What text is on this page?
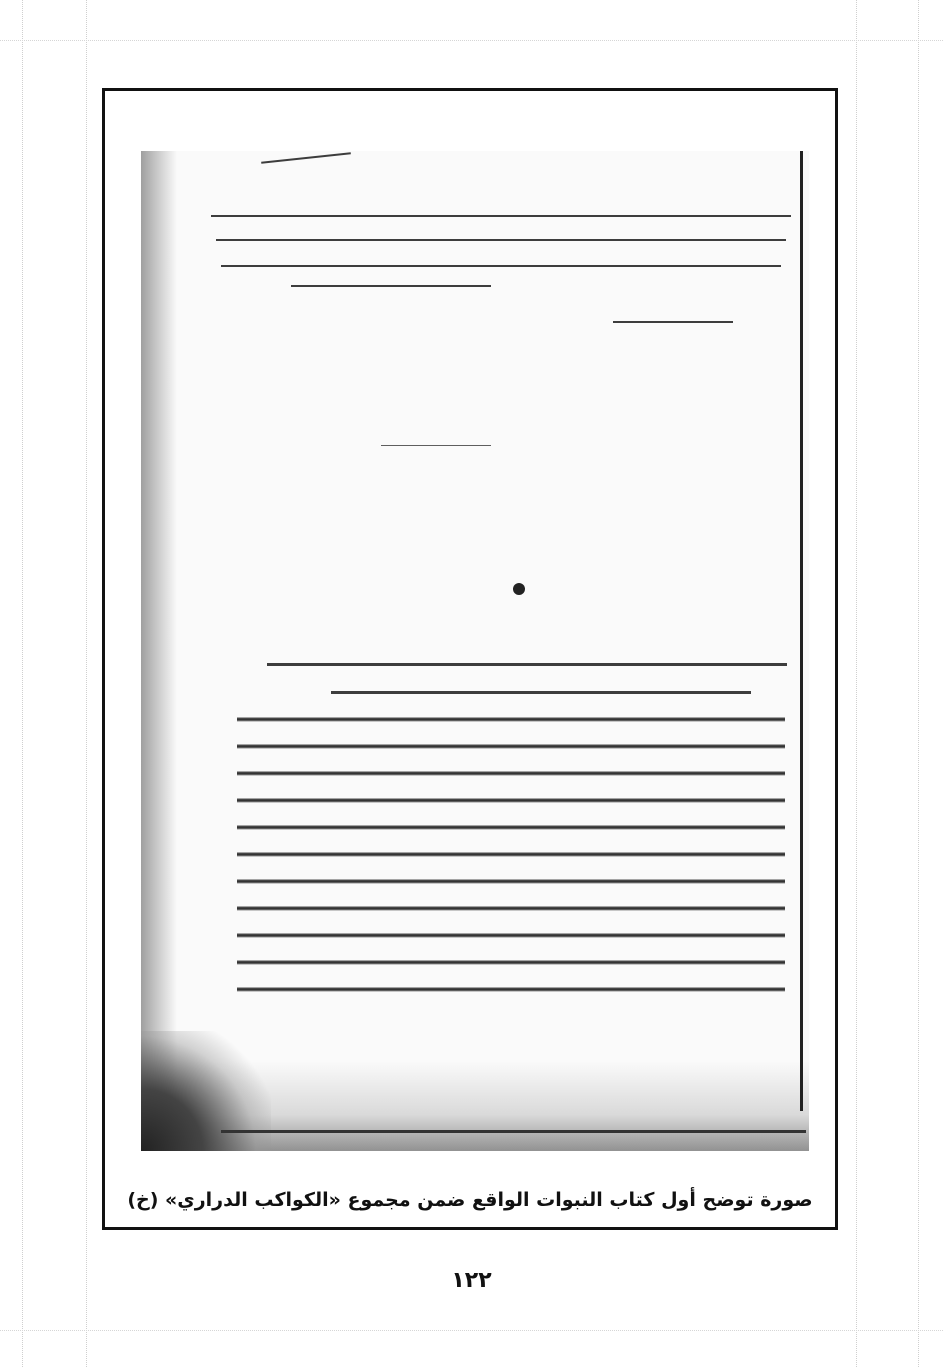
صورة توضح أول كتاب النبوات الواقع ضمن مجموع «الكواكب الدراري» (خ)
١٢٢
